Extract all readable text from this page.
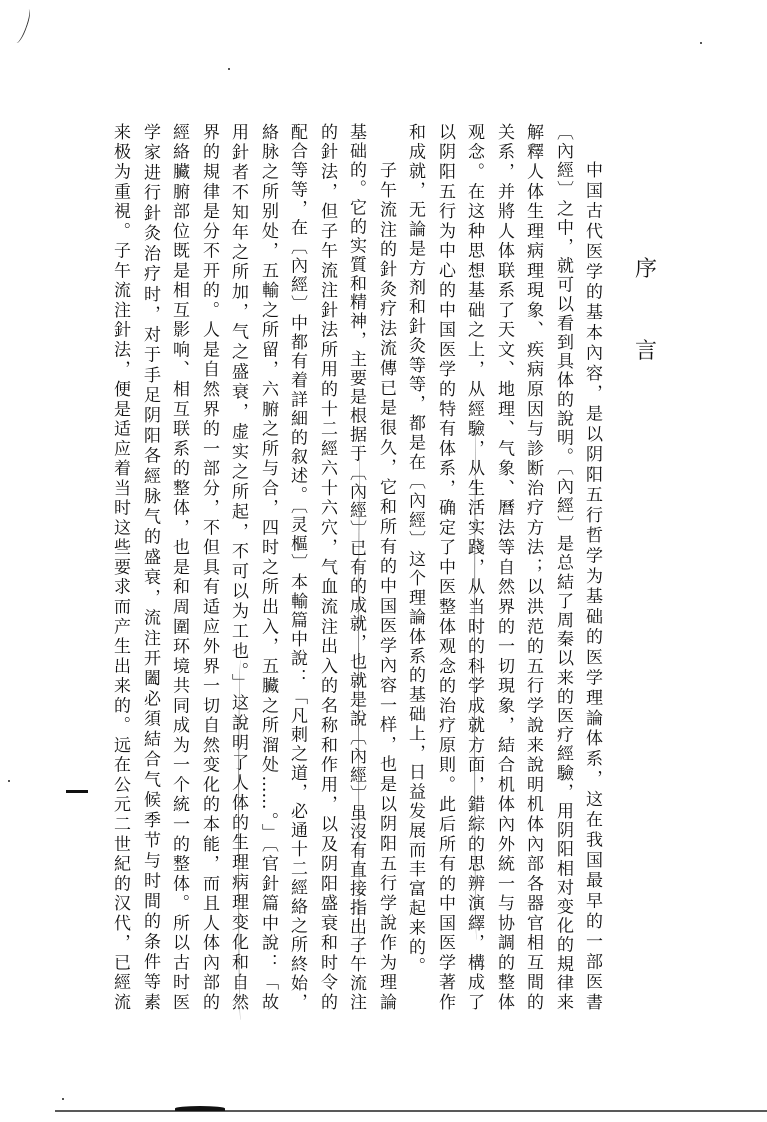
序
言
中国古代医学的基本內容，是以阴阳五行哲学为基础的医学理論体系，这在我国最早的一部医書
〔內經〕之中，就可以看到具体的說明。〔內經〕是总結了周秦以来的医疗經驗，用阴阳相对变化的規律来
解釋人体生理病理現象、疾病原因与診断治疗方法；以洪范的五行学說来說明机体內部各器官相互間的
关系，并將人体联系了天文、地理、气象、曆法等自然界的一切現象，結合机体內外統一与协調的整体
观念。在这种思想基础之上，从經驗，从生活实踐，从当时的科学成就方面，錯綜的思辨演繹，構成了
以阴阳五行为中心的中国医学的特有体系，确定了中医整体观念的治疗原則。此后所有的中国医学著作
和成就，无論是方剂和針灸等等，都是在〔內經〕这个理論体系的基础上，日益发展而丰富起来的。
子午流注的針灸疗法流傳已是很久，它和所有的中国医学內容一样，也是以阴阳五行学說作为理論
基础的。它的实質和精神，主要是根据于〔內經〕已有的成就，也就是說〔內經〕虽沒有直接指出子午流注
的針法，但子午流注針法所用的十二經六十六穴，气血流注出入的名称和作用，以及阴阳盛衰和时令的
配合等等，在〔內經〕中都有着詳細的叙述。〔灵樞〕本輸篇中說：「凡刺之道，必通十二經絡之所終始，
絡脉之所别处，五輸之所留，六腑之所与合，四时之所出入，五臟之所溜处……。」〔官針篇中說：「故
用針者不知年之所加，气之盛衰，虚实之所起，不可以为工也。」这說明了人体的生理病理变化和自然
界的規律是分不开的。人是自然界的一部分，不但具有适应外界一切自然变化的本能，而且人体內部的
經絡臟腑部位既是相互影响、相互联系的整体，也是和周圍环境共同成为一个統一的整体。所以古时医
学家进行針灸治疗时，对于手足阴阳各經脉气的盛衰，流注开闔必須結合气候季节与时間的条件等素
来极为重視。子午流注針法，便是适应着当时这些要求而产生出来的。远在公元二世紀的汉代，已經流
